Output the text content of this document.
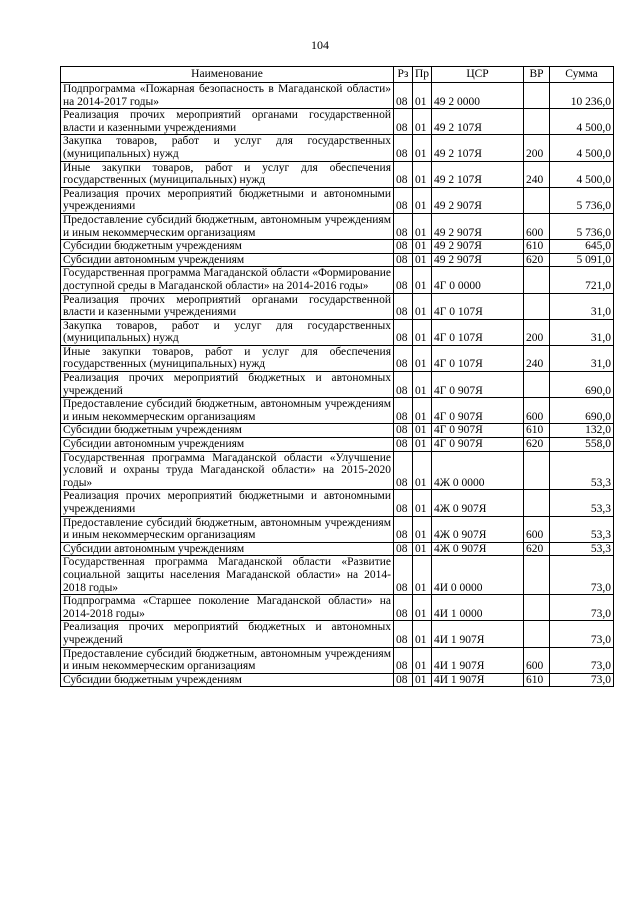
104
Наименование	Рз	Пр	ЦСР	ВР	Сумма
Подпрограмма «Пожарная безопасность в Магаданской области» на 2014-2017 годы»	08	01	49 2 0000		10 236,0
Реализация прочих мероприятий органами государственной власти и казенными учреждениями	08	01	49 2 107Я		4 500,0
Закупка товаров, работ и услуг для государственных (муниципальных) нужд	08	01	49 2 107Я	200	4 500,0
Иные закупки товаров, работ и услуг для обеспечения государственных (муниципальных) нужд	08	01	49 2 107Я	240	4 500,0
Реализация прочих мероприятий бюджетными и автономными учреждениями	08	01	49 2 907Я		5 736,0
Предоставление субсидий бюджетным, автономным учреждениям и иным некоммерческим организациям	08	01	49 2 907Я	600	5 736,0
Субсидии бюджетным учреждениям	08	01	49 2 907Я	610	645,0
Субсидии автономным учреждениям	08	01	49 2 907Я	620	5 091,0
Государственная программа Магаданской области «Формирование доступной среды в Магаданской области» на 2014-2016 годы»	08	01	4Г 0 0000		721,0
Реализация прочих мероприятий органами государственной власти и казенными учреждениями	08	01	4Г 0 107Я		31,0
Закупка товаров, работ и услуг для государственных (муниципальных) нужд	08	01	4Г 0 107Я	200	31,0
Иные закупки товаров, работ и услуг для обеспечения государственных (муниципальных) нужд	08	01	4Г 0 107Я	240	31,0
Реализация прочих мероприятий бюджетных и автономных учреждений	08	01	4Г 0 907Я		690,0
Предоставление субсидий бюджетным, автономным учреждениям и иным некоммерческим организациям	08	01	4Г 0 907Я	600	690,0
Субсидии бюджетным учреждениям	08	01	4Г 0 907Я	610	132,0
Субсидии автономным учреждениям	08	01	4Г 0 907Я	620	558,0
Государственная программа Магаданской области «Улучшение условий и охраны труда Магаданской области» на 2015-2020 годы»	08	01	4Ж 0 0000		53,3
Реализация прочих мероприятий бюджетными и автономными учреждениями	08	01	4Ж 0 907Я		53,3
Предоставление субсидий бюджетным, автономным учреждениям и иным некоммерческим организациям	08	01	4Ж 0 907Я	600	53,3
Субсидии автономным учреждениям	08	01	4Ж 0 907Я	620	53,3
Государственная программа Магаданской области «Развитие социальной защиты населения Магаданской области» на 2014-2018 годы»	08	01	4И 0 0000		73,0
Подпрограмма «Старшее поколение Магаданской области» на 2014-2018 годы»	08	01	4И 1 0000		73,0
Реализация прочих мероприятий бюджетных и автономных учреждений	08	01	4И 1 907Я		73,0
Предоставление субсидий бюджетным, автономным учреждениям и иным некоммерческим организациям	08	01	4И 1 907Я	600	73,0
Субсидии бюджетным учреждениям	08	01	4И 1 907Я	610	73,0
